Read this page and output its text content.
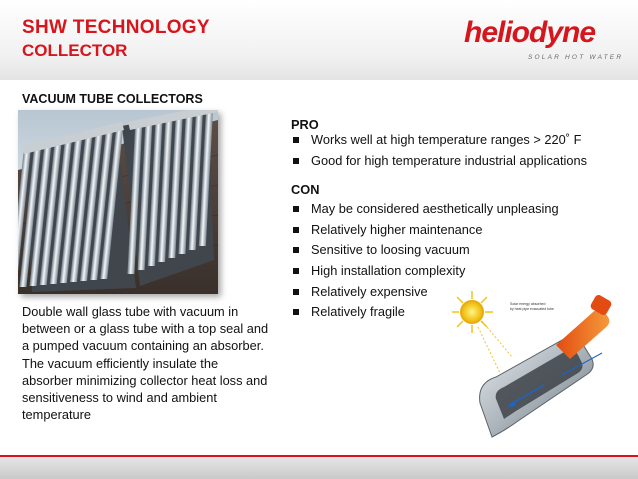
SHW TECHNOLOGY
COLLECTOR
heliodyne
SOLAR HOT WATER
VACUUM TUBE COLLECTORS
Double wall glass tube with vacuum in between or a glass tube with a top seal and a pumped vacuum containing an absorber. The vacuum efficiently insulate the absorber minimizing collector heat loss and sensitiveness to wind and ambient temperature
PRO
Works well at high temperature ranges > 220˚ F
Good for high temperature industrial applications
CON
May be considered aesthetically unpleasing
Relatively higher maintenance
Sensitive to loosing vacuum
High installation complexity
Relatively expensive
Relatively fragile
Solar energy absorbed
by heat pipe evacuated tube
